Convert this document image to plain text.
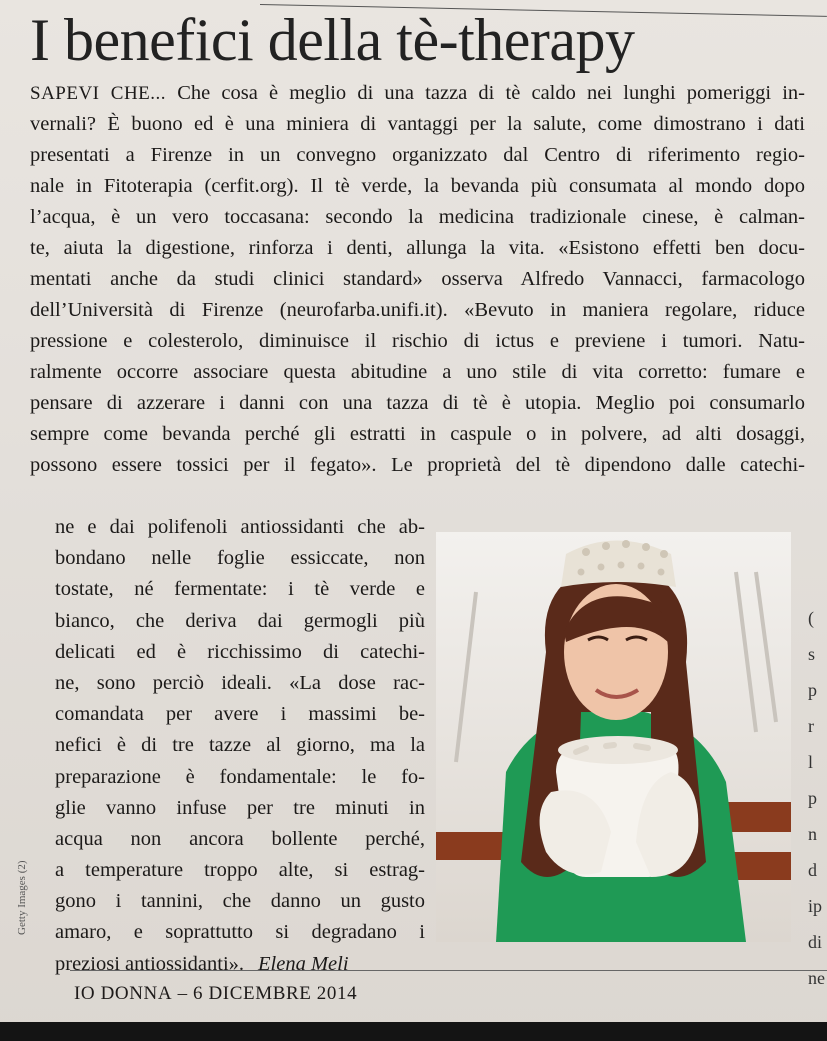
I benefici della tè-therapy
SAPEVI CHE... Che cosa è meglio di una tazza di tè caldo nei lunghi pomeriggi in-
vernali? È buono ed è una miniera di vantaggi per la salute, come dimostrano i dati
presentati a Firenze in un convegno organizzato dal Centro di riferimento regio-
nale in Fitoterapia (cerfit.org). Il tè verde, la bevanda più consumata al mondo dopo
l’acqua, è un vero toccasana: secondo la medicina tradizionale cinese, è calman-
te, aiuta la digestione, rinforza i denti, allunga la vita. «Esistono effetti ben docu-
mentati anche da studi clinici standard» osserva Alfredo Vannacci, farmacologo
dell’Università di Firenze (neurofarba.unifi.it). «Bevuto in maniera regolare, riduce
pressione e colesterolo, diminuisce il rischio di ictus e previene i tumori. Natu-
ralmente occorre associare questa abitudine a uno stile di vita corretto: fumare e
pensare di azzerare i danni con una tazza di tè è utopia. Meglio poi consumarlo
sempre come bevanda perché gli estratti in caspule o in polvere, ad alti dosaggi,
possono essere tossici per il fegato». Le proprietà del tè dipendono dalle catechi-
ne e dai polifenoli antiossidanti che ab-
bondano nelle foglie essiccate, non
tostate, né fermentate: i tè verde e
bianco, che deriva dai germogli più
delicati ed è ricchissimo di catechi-
ne, sono perciò ideali. «La dose rac-
comandata per avere i massimi be-
nefici è di tre tazze al giorno, ma la
preparazione è fondamentale: le fo-
glie vanno infuse per tre minuti in
acqua non ancora bollente perché,
a temperature troppo alte, si estrag-
gono i tannini, che danno un gusto
amaro, e soprattutto si degradano i
preziosi antiossidanti». Elena Meli
Getty Images (2)
(
s
p
r
l
p
n
d
ip
di
ne
IO DONNA – 6 DICEMBRE 2014
